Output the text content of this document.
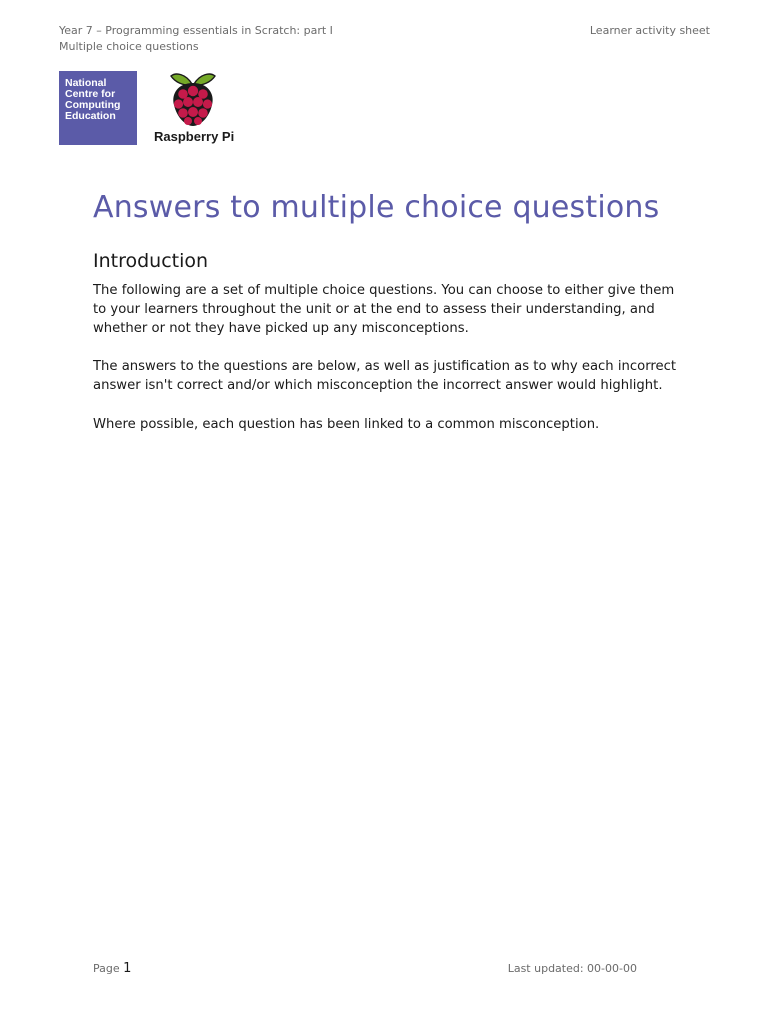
Year 7 – Programming essentials in Scratch: part I
Multiple choice questions
Learner activity sheet
National
Centre for
Computing
Education
Raspberry Pi
Answers to multiple choice questions
Introduction

The following are a set of multiple choice questions. You can choose to either give them to your learners throughout the unit or at the end to assess their understanding, and whether or not they have picked up any misconceptions.

The answers to the questions are below, as well as justification as to why each incorrect answer isn't correct and/or which misconception the incorrect answer would highlight.

Where possible, each question has been linked to a common misconception.

Page 1	Last updated: 00-00-00
